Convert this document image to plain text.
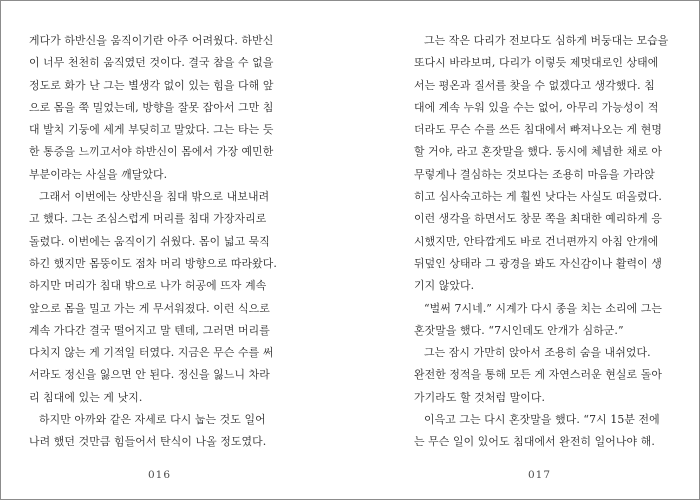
게다가 하반신을 움직이기란 아주 어려웠다. 하반신
이 너무 천천히 움직였던 것이다. 결국 참을 수 없을
정도로 화가 난 그는 별생각 없이 있는 힘을 다해 앞
으로 몸을 쭉 밀었는데, 방향을 잘못 잡아서 그만 침
대 발치 기둥에 세게 부딪히고 말았다. 그는 타는 듯
한 통증을 느끼고서야 하반신이 몸에서 가장 예민한
부분이라는 사실을 깨달았다.
그래서 이번에는 상반신을 침대 밖으로 내보내려
고 했다. 그는 조심스럽게 머리를 침대 가장자리로
돌렸다. 이번에는 움직이기 쉬웠다. 몸이 넓고 묵직
하긴 했지만 몸뚱이도 점차 머리 방향으로 따라왔다.
하지만 머리가 침대 밖으로 나가 허공에 뜨자 계속
앞으로 몸을 밀고 가는 게 무서워졌다. 이런 식으로
계속 가다간 결국 떨어지고 말 텐데, 그러면 머리를
다치지 않는 게 기적일 터였다. 지금은 무슨 수를 써
서라도 정신을 잃으면 안 된다. 정신을 잃느니 차라
리 침대에 있는 게 낫지.
하지만 아까와 같은 자세로 다시 눕는 것도 일어
나려 했던 것만큼 힘들어서 탄식이 나올 정도였다.
그는 작은 다리가 전보다도 심하게 버둥대는 모습을
또다시 바라보며, 다리가 이렇듯 제멋대로인 상태에
서는 평온과 질서를 찾을 수 없겠다고 생각했다. 침
대에 계속 누워 있을 수는 없어, 아무리 가능성이 적
더라도 무슨 수를 쓰든 침대에서 빠져나오는 게 현명
할 거야, 라고 혼잣말을 했다. 동시에 체념한 채로 아
무렇게나 결심하는 것보다는 조용히 마음을 가라앉
히고 심사숙고하는 게 훨씬 낫다는 사실도 떠올렸다.
이런 생각을 하면서도 창문 쪽을 최대한 예리하게 응
시했지만, 안타깝게도 바로 건너편까지 아침 안개에
뒤덮인 상태라 그 광경을 봐도 자신감이나 활력이 생
기지 않았다.
“벌써 7시네.” 시계가 다시 종을 치는 소리에 그는
혼잣말을 했다. “7시인데도 안개가 심하군.”
그는 잠시 가만히 앉아서 조용히 숨을 내쉬었다.
완전한 정적을 통해 모든 게 자연스러운 현실로 돌아
가기라도 할 것처럼 말이다.
이윽고 그는 다시 혼잣말을 했다. “7시 15분 전에
는 무슨 일이 있어도 침대에서 완전히 일어나야 해.
016	017
